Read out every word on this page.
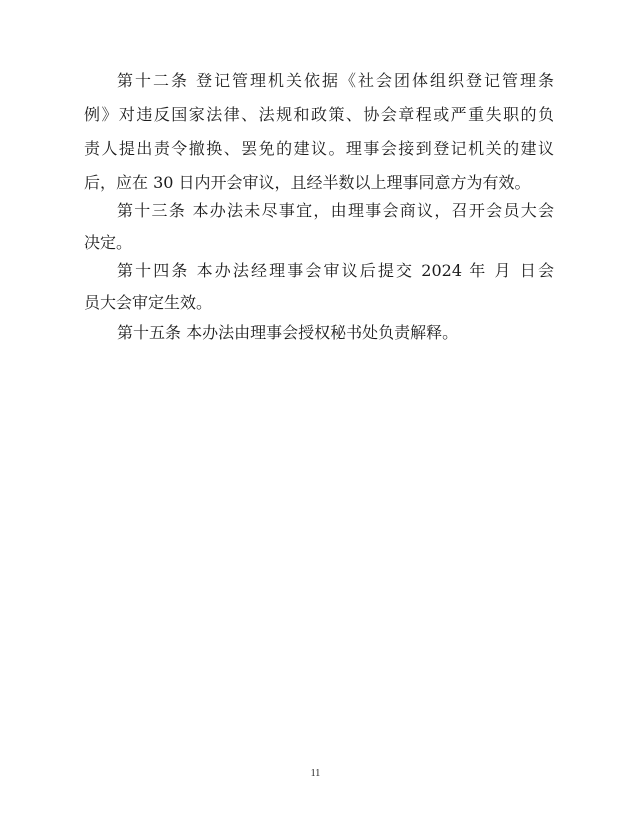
第十二条 登记管理机关依据《社会团体组织登记管理条
例》对违反国家法律、法规和政策、协会章程或严重失职的负
责人提出责令撤换、罢免的建议。理事会接到登记机关的建议
后，应在 30 日内开会审议，且经半数以上理事同意方为有效。
第十三条 本办法未尽事宜，由理事会商议，召开会员大会
决定。
第十四条 本办法经理事会审议后提交 2024 年 月 日会
员大会审定生效。
第十五条 本办法由理事会授权秘书处负责解释。
11
